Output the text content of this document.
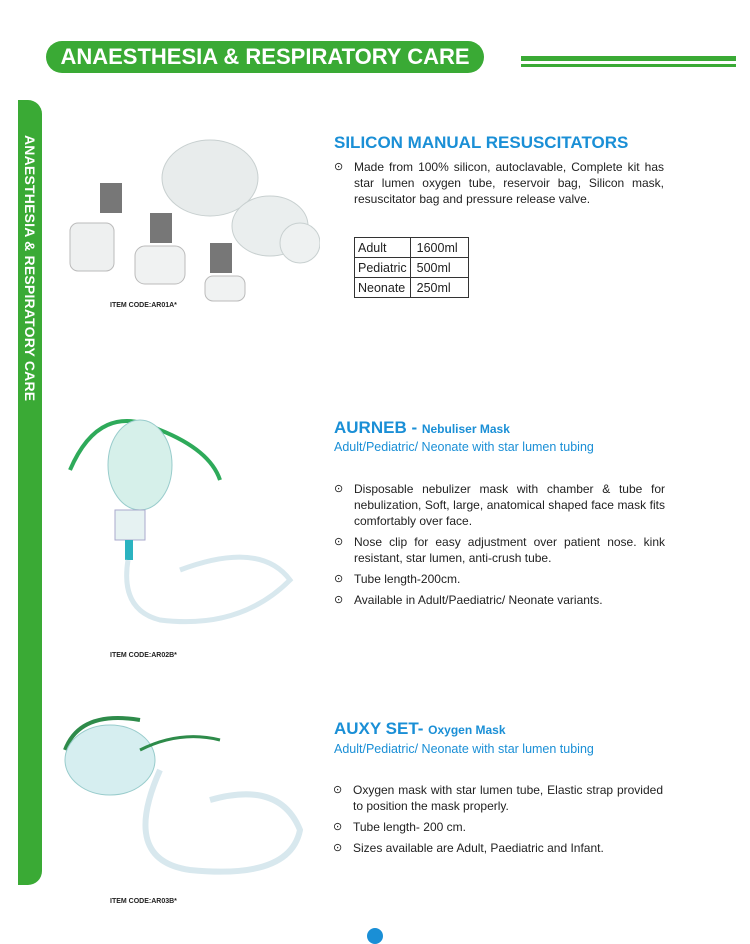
ANAESTHESIA & RESPIRATORY CARE
ANAESTHESIA & RESPIRATORY CARE	ITEM CODE:AR01A*
SILICON MANUAL RESUSCITATORS
⊙ Made from 100% silicon, autoclavable, Complete kit has star lumen oxygen tube, reservoir bag, Silicon mask, resuscitator bag and pressure release valve.
Adult	1600ml
Pediatric	500ml
Neonate	250ml
ITEM CODE:AR02B*
AURNEB - Nebuliser Mask
Adult/Pediatric/ Neonate with star lumen tubing
⊙ Disposable nebulizer mask with chamber & tube for nebulization, Soft, large, anatomical shaped face mask fits comfortably over face.
⊙ Nose clip for easy adjustment over patient nose. kink resistant, star lumen, anti-crush tube.
⊙ Tube length-200cm.
⊙ Available in Adult/Paediatric/ Neonate variants.
ITEM CODE:AR03B*
AUXY SET- Oxygen Mask
Adult/Pediatric/ Neonate with star lumen tubing
⊙ Oxygen mask with star lumen tube, Elastic strap provided to position the mask properly.
⊙ Tube length- 200 cm.
⊙ Sizes available are Adult, Paediatric and Infant.
